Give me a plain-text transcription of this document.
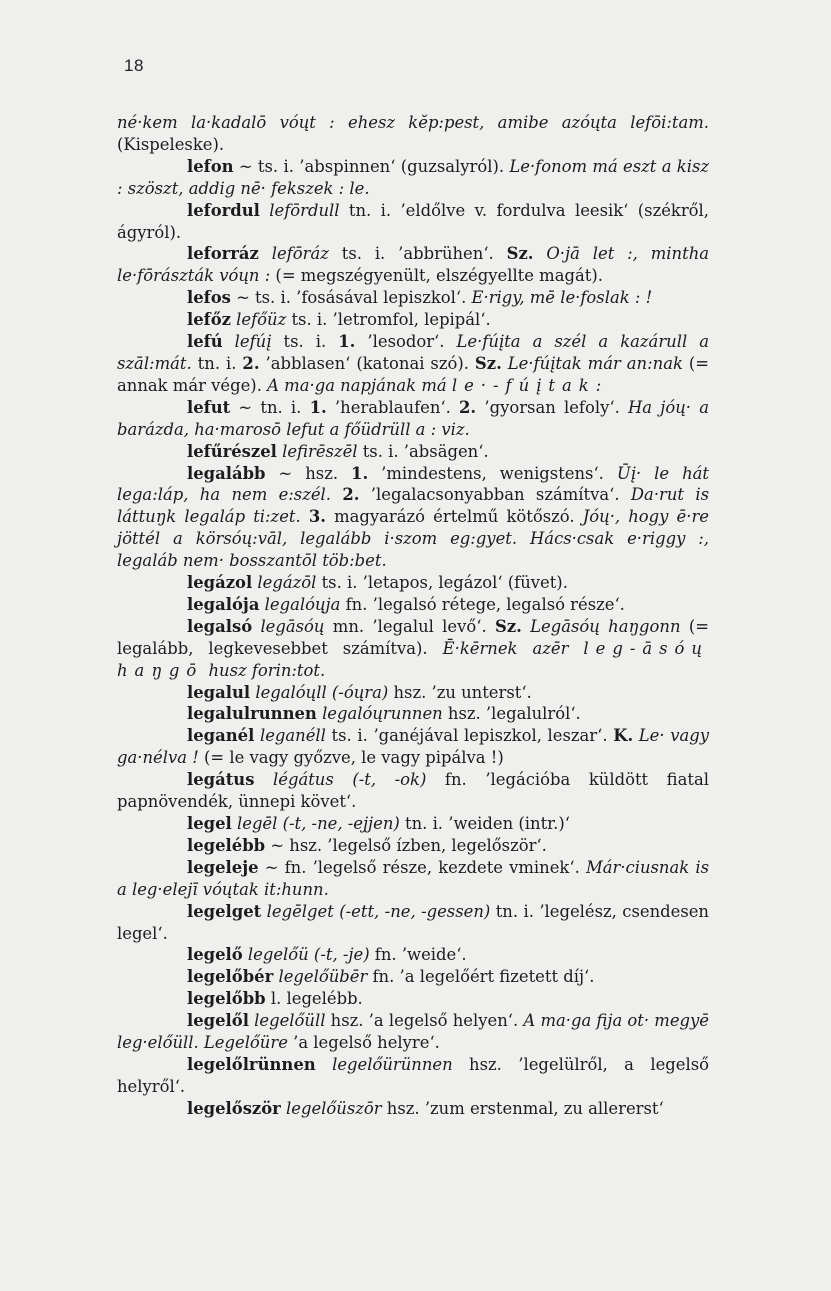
18

né·kem la·kadalō vóųt : ehesz kĕp:pest, amibe azóųta lefōi:tam. (Kispeleske).

lefon ~ ts. i. ’abspinnen‘ (guzsalyról). Le·fonom má eszt a kisz : szöszt, addig nē· fekszek : le.

lefordul lefōrdull tn. i. ’eldőlve v. fordulva leesik‘ (székről, ágyról).

leforráz lefōráz ts. i. ’abbrühen‘. Sz. O·jā let :, mintha le·fōrászták vóųn : (= megszégyenült, elszégyellte magát).

lefos ~ ts. i. ’fosásával lepiszkol‘. E·rigy, mē le·foslak : !

lefőz lefőüz ts. i. ’letromfol, lepipál‘.

lefú lefúį ts. i. 1. ’lesodor‘. Le·fúįta a szél a kazárull a szāl:mát. tn. i. 2. ’abblasen‘ (katonai szó). Sz. Le·fúįtak már an:nak (= annak már vége). A ma·ga napjának má le·-fúįtak:

lefut ~ tn. i. 1. ’herablaufen‘. 2. ’gyorsan lefoly‘. Ha jóų· a barázda, ha·marosō lefut a főüdrüll a : viz.

lefűrészel lefirēszēl ts. i. ’absägen‘.

legalább ~ hsz. 1. ’mindestens, wenigstens‘. Ūį· le hát lega:láp, ha nem e:szél. 2. ’legalacsonyabban számítva‘. Da·rut is láttuŋk legaláp ti:zet. 3. magyarázó értelmű kötőszó. Jóų·, hogy ē·re jöttél a körsóų:vāl, legalább i·szom eg:gyet. Hács·csak e·riggy :, legaláb nem· bosszantōl töb:bet.

legázol legázōl ts. i. ’letapos, legázol‘ (füvet).

legalója legalóųja fn. ’legalsó rétege, legalsó része‘.

legalsó legāsóų mn. ’legalul levő‘. Sz. Legāsóų haŋgonn (= legalább, legkevesebbet számítva). Ē·kērnek azēr leg-āsóų haŋgō husz forin:tot.

legalul legalóųll (-óųra) hsz. ’zu unterst‘.

legalulrunnen legalóųrunnen hsz. ’legalulról‘.

leganél leganéll ts. i. ’ganéjával lepiszkol, leszar‘. K. Le· vagy ga·nélva ! (= le vagy győzve, le vagy pipálva !)

legátus légátus (-t, -ok) fn. ’legációba küldött fiatal papnövendék, ünnepi követ‘.

legel legēl (-t, -ne, -ejjen) tn. i. ’weiden (intr.)‘

legelébb ~ hsz. ’legelső ízben, legelőször‘.

legeleje ~ fn. ’legelső része, kezdete vminek‘. Már·ciusnak is a leg·elejī vóųtak it:hunn.

legelget legēlget (-ett, -ne, -gessen) tn. i. ’legelész, csendesen legel‘.

legelő legelőü (-t, -je) fn. ’weide‘.

legelőbér legelőübēr fn. ’a legelőért fizetett díj‘.

legelőbb l. legelébb.

legelől legelőüll hsz. ’a legelső helyen‘. A ma·ga fija ot· megyē leg·előüll. Legelőüre ’a legelső helyre‘.

legelőlrünnen legelőürünnen hsz. ’legelülről, a legelső helyről‘.

legelőször legelőüszōr hsz. ’zum erstenmal, zu allererst‘
